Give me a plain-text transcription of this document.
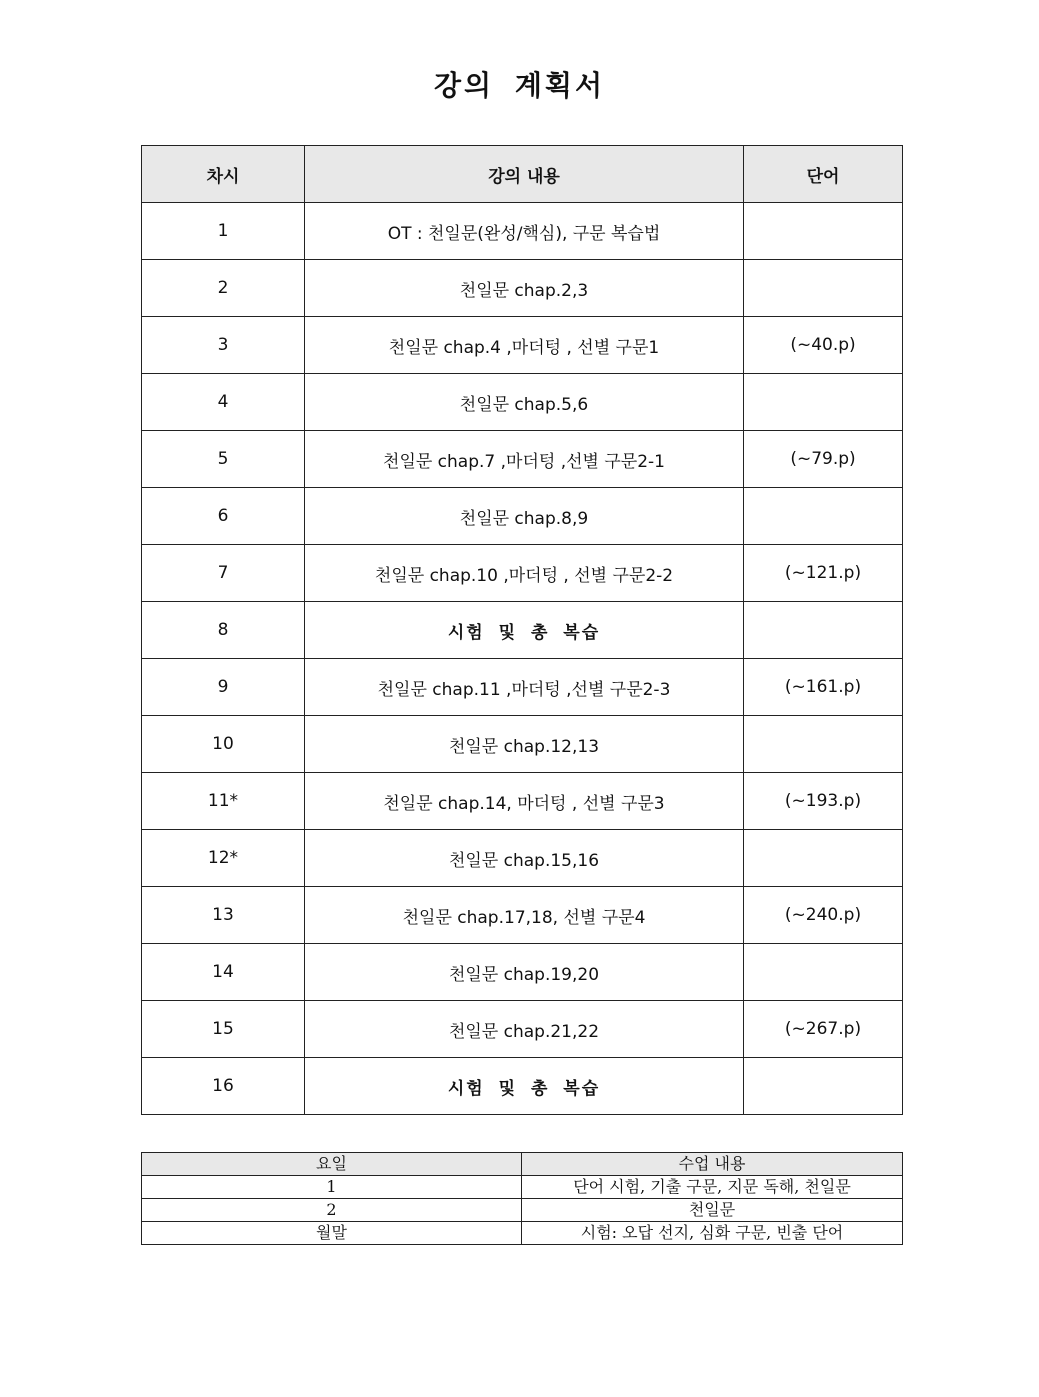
강의 계획서
차시	강의 내용	단어
1	OT : 천일문(완성/핵심), 구문 복습법	
2	천일문 chap.2,3	
3	천일문 chap.4 ,마더텅 , 선별 구문1	(~40.p)
4	천일문 chap.5,6	
5	천일문 chap.7 ,마더텅 ,선별 구문2-1	(~79.p)
6	천일문 chap.8,9	
7	천일문 chap.10 ,마더텅 , 선별 구문2-2	(~121.p)
8	시험 및 총 복습	
9	천일문 chap.11 ,마더텅 ,선별 구문2-3	(~161.p)
10	천일문 chap.12,13	
11*	천일문 chap.14, 마더텅 , 선별 구문3	(~193.p)
12*	천일문 chap.15,16	
13	천일문 chap.17,18, 선별 구문4	(~240.p)
14	천일문 chap.19,20	
15	천일문 chap.21,22	(~267.p)
16	시험 및 총 복습	
요일	수업 내용
1	단어 시험, 기출 구문, 지문 독해, 천일문
2	천일문
월말	시험: 오답 선지, 심화 구문, 빈출 단어
